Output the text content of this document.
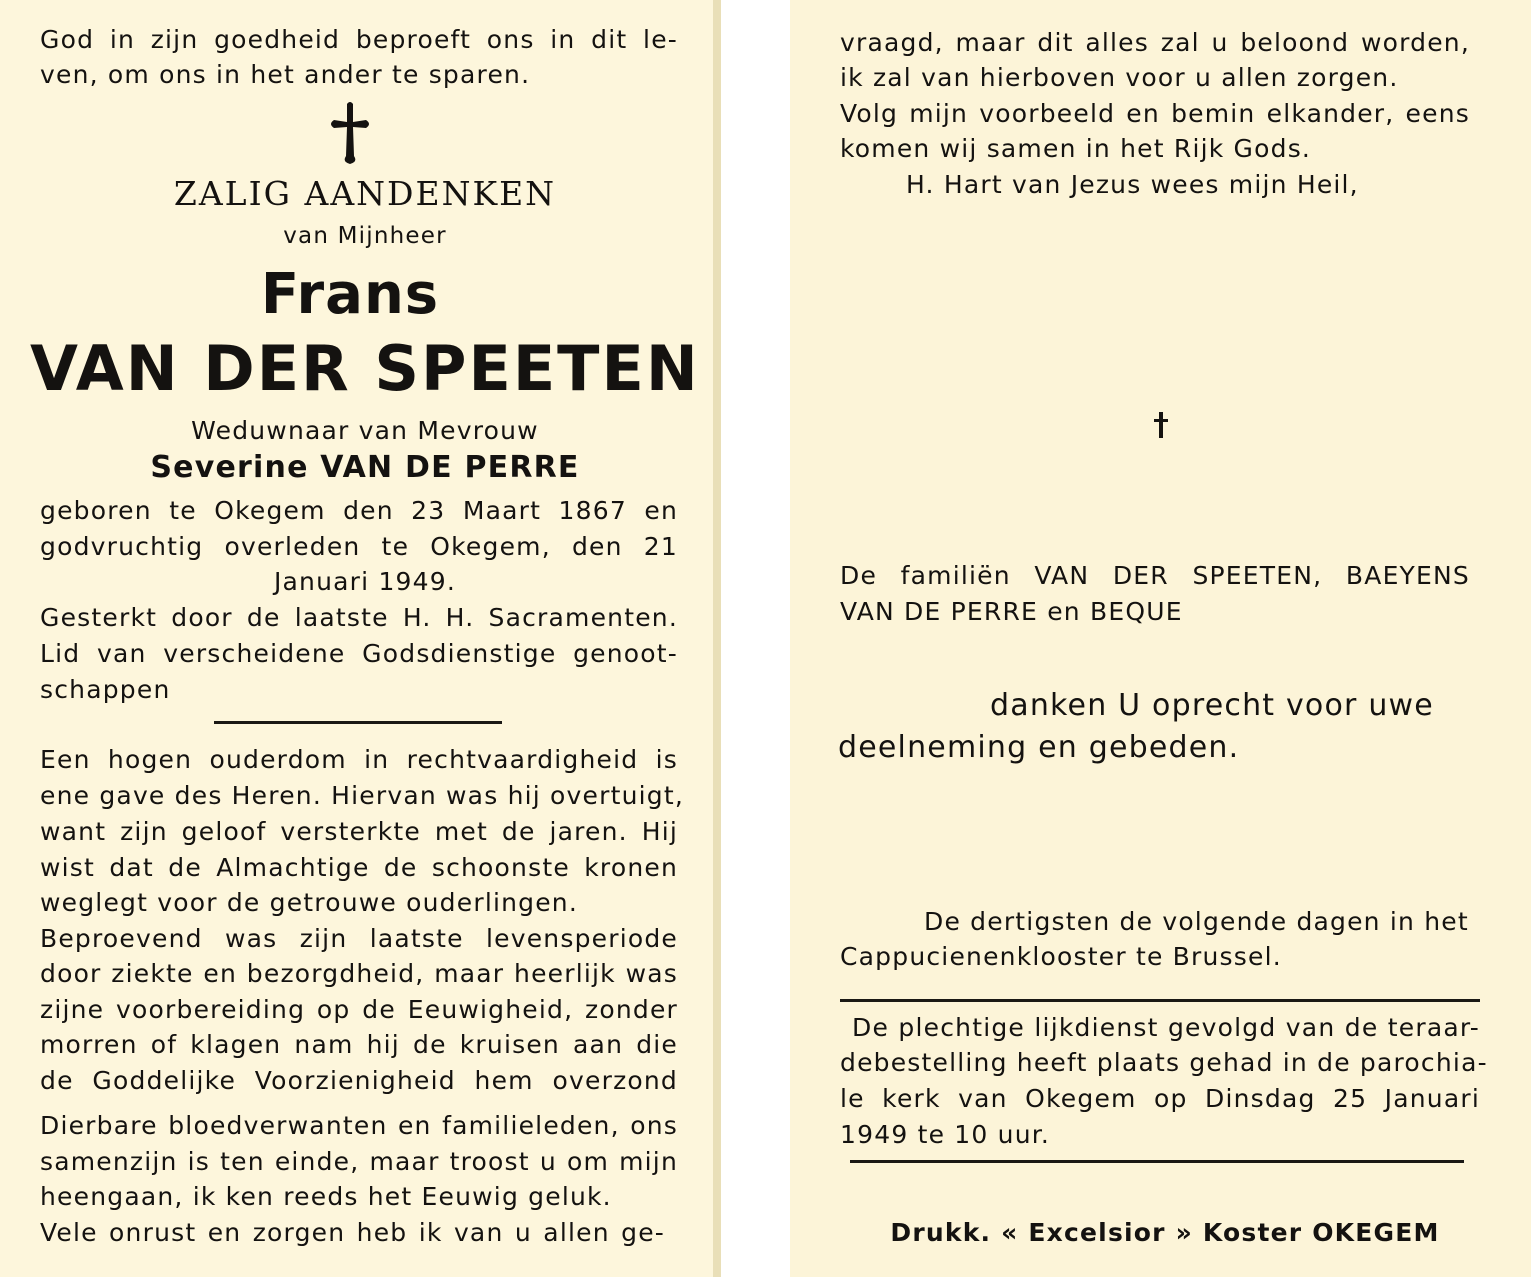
God in zijn goedheid beproeft ons in dit le-
ven, om ons in het ander te sparen.
ZALIG AANDENKEN
van Mijnheer
Frans
VAN DER SPEETEN
Weduwnaar van Mevrouw
Severine VAN DE PERRE
geboren te Okegem den 23 Maart 1867 en
godvruchtig overleden te Okegem, den 21
Januari 1949.
Gesterkt door de laatste H. H. Sacramenten.
Lid van verscheidene Godsdienstige genoot-
schappen
Een hogen ouderdom in rechtvaardigheid is
ene gave des Heren. Hiervan was hij overtuigt,
want zijn geloof versterkte met de jaren. Hij
wist dat de Almachtige de schoonste kronen
weglegt voor de getrouwe ouderlingen.
Beproevend was zijn laatste levensperiode
door ziekte en bezorgdheid, maar heerlijk was
zijne voorbereiding op de Eeuwigheid, zonder
morren of klagen nam hij de kruisen aan die
de Goddelijke Voorzienigheid hem overzond
Dierbare bloedverwanten en familieleden, ons
samenzijn is ten einde, maar troost u om mijn
heengaan, ik ken reeds het Eeuwig geluk.
Vele onrust en zorgen heb ik van u allen ge-
vraagd, maar dit alles zal u beloond worden,
ik zal van hierboven voor u allen zorgen.
Volg mijn voorbeeld en bemin elkander, eens
komen wij samen in het Rijk Gods.
H. Hart van Jezus wees mijn Heil,
De familiën VAN DER SPEETEN, BAEYENS
VAN DE PERRE en BEQUE
danken U oprecht voor uwe
deelneming en gebeden.
De dertigsten de volgende dagen in het
Cappucienenklooster te Brussel.
De plechtige lijkdienst gevolgd van de teraar-
debestelling heeft plaats gehad in de parochia-
le kerk van Okegem op Dinsdag 25 Januari
1949 te 10 uur.
Drukk. « Excelsior » Koster OKEGEM
